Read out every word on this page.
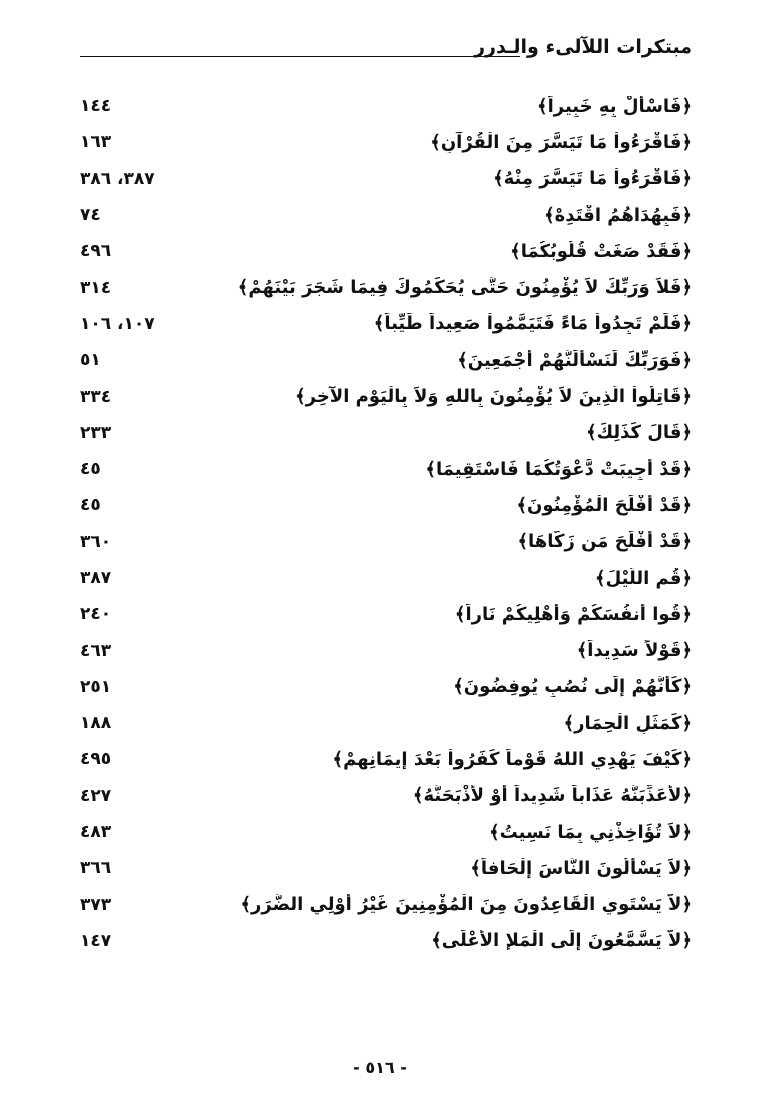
مبتكرات اللآلىء والـدرر
﴿فَاسْأَلْ بِهِ خَبِيراً﴾
١٤٤
﴿فَاقْرَءُواْ مَا تَيَسَّرَ مِنَ الْقُرْآنِ﴾
١٦٣
﴿فَاقْرَءُواْ مَا تَيَسَّرَ مِنْهُ﴾
٣٨٧، ٣٨٦
﴿فَبِهُدَاهُمُ اقْتَدِهْ﴾
٧٤
﴿فَقَدْ صَغَتْ قُلُوبُكُمَا﴾
٤٩٦
﴿فَلاَ وَرَبِّكَ لاَ يُؤْمِنُونَ حَتَّى يُحَكِّمُوكَ فِيمَا شَجَرَ بَيْنَهُمْ﴾
٣١٤
﴿فَلَمْ تَجِدُواْ مَاءً فَتَيَمَّمُواْ صَعِيداً طَيِّباً﴾
١٠٧، ١٠٦
﴿فَوَرَبِّكَ لَنَسْأَلَنَّهُمْ أَجْمَعِينَ﴾
٥١
﴿قَاتِلُواْ الَّذِينَ لاَ يُؤْمِنُونَ بِاللهِ وَلاَ بِالْيَوْمِ الآخِرِ﴾
٣٣٤
﴿قَالَ كَذَلِكَ﴾
٢٣٣
﴿قَدْ أُجِيبَتْ دَّعْوَتُكُمَا فَاسْتَقِيمَا﴾
٤٥
﴿قَدْ أَفْلَحَ الْمُؤْمِنُونَ﴾
٤٥
﴿قَدْ أَفْلَحَ مَن زَكَّاهَا﴾
٣٦٠
﴿قُمِ اللَّيْلَ﴾
٣٨٧
﴿قُوا أَنفُسَكُمْ وَأَهْلِيكُمْ نَاراً﴾
٢٤٠
﴿قَوْلاً سَدِيداً﴾
٤٦٣
﴿كَأَنَّهُمْ إِلَى نُصُبٍ يُوفِضُونَ﴾
٢٥١
﴿كَمَثَلِ الْحِمَارِ﴾
١٨٨
﴿كَيْفَ يَهْدِي اللهُ قَوْماً كَفَرُواْ بَعْدَ إِيمَانِهِمْ﴾
٤٩٥
﴿لأُعَذِّبَنَّهُ عَذَاباً شَدِيداً أَوْ لأَذْبَحَنَّهُ﴾
٤٢٧
﴿لاَ تُؤَاخِذْنِي بِمَا نَسِيتُ﴾
٤٨٣
﴿لاَ يَسْأَلُونَ النَّاسَ إِلْحَافاً﴾
٣٦٦
﴿لاَّ يَسْتَوِي الْقَاعِدُونَ مِنَ الْمُؤْمِنِينَ غَيْرُ أُوْلِي الضَّرَرِ﴾
٣٧٣
﴿لاَّ يَسَّمَّعُونَ إِلَى الْمَلإِ الأَعْلَى﴾
١٤٧
- ٥١٦ -
